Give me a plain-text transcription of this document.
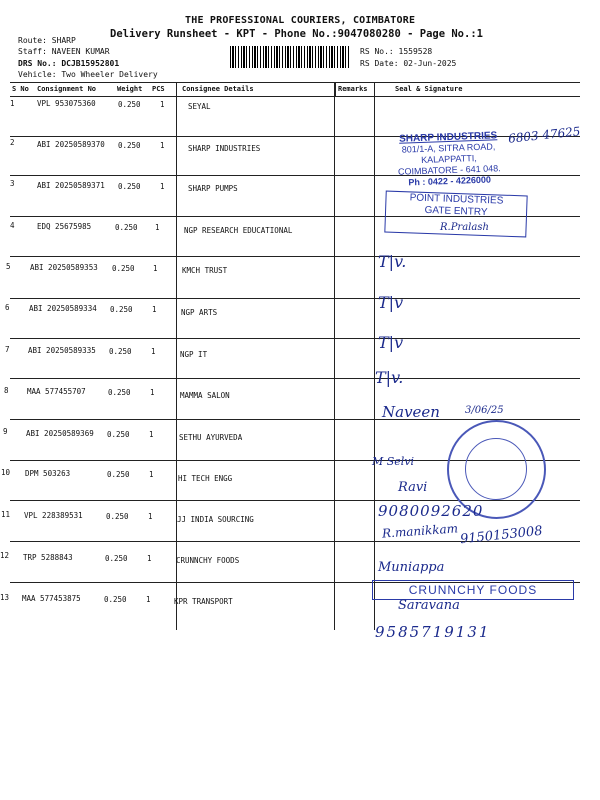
THE PROFESSIONAL COURIERS, COIMBATORE
Delivery Runsheet - KPT - Phone No.:9047080280 - Page No.:1
Route: SHARP
Staff: NAVEEN KUMAR
DRS No.: DCJB15952801
Vehicle: Two Wheeler Delivery
RS No.: 1559528
RS Date: 02-Jun-2025
S No Consignment No	Weight PCS Consignee Details	Remarks	Seal & Signature
1	VPL 953075360	0.250	1	SEYAL
2	ABI 20250589370 0.250	1	SHARP INDUSTRIES
3	ABI 20250589371 0.250	1	SHARP PUMPS
4	EDQ 25675985	0.250 1	NGP RESEARCH EDUCATIONAL
5	ABI 20250589353 0.250 1	KMCH TRUST
6	ABI 20250589334 0.250	1	NGP ARTS
7 ABI 20250589335 0.250	1	NGP IT
8 MAA 577455707	0.250	1	MAMMA SALON
9 ABI 20250589369 0.250	1	SETHU AYURVEDA
10 DPM 503263	0.250	1	HI TECH ENGG
11 VPL 228389531	0.250	1	JJ INDIA SOURCING
12 TRP 5288843	0.250	1	CRUNNCHY FOODS
13 MAA 577453875	0.250	1	KPR TRANSPORT
SHARP INDUSTRIES
801/1-A, SITRA ROAD,
KALAPPATTI,
COIMBATORE - 641 048.
Ph : 0422 - 4226000
6803 47625
POINT INDUSTRIES
GATE ENTRY
R.Pralash
T|v.
T|v
T|v
T|v.
Naveen	3/06/25
M Selvi
Ravi
9080092620
R.manikkam 9150153008
Muniappa
CRUNNCHY FOODS
Saravana
9585719131
